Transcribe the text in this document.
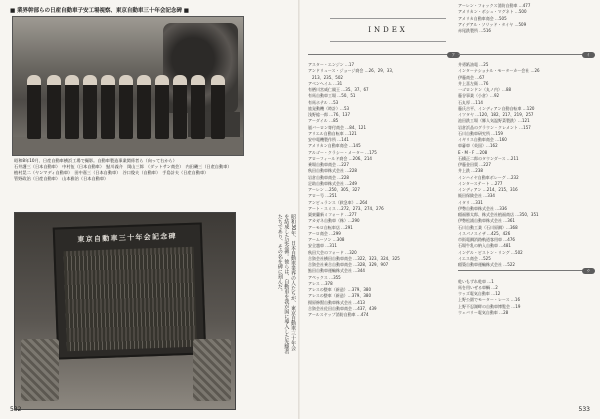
■ 業界幹部らの日産自動車子安工場視察、東京自動車三十年会記念碑 ■
昭和8年10月、日産自動車横浜工場で撮影。自動車製造事業関係者ら（向って右から）
石井護三（日本自動車）　中村伍（日本自動車）　鮎川義介　岡山三郎　（ダットサン商会）　内田磯三（日産自動車）
植村晃二（ヤンマディ自動車）　田中嘉三（日本自動車）　谷口俊夫（自動車）　手島計夫（日産自動車）
管野政治（日産自動車）　山本雅治（日本自動車）
東京自動車三十年会記念碑	昭和30年、日本自動車業界の人たちが、東京自動車三十年会を結成した記念碑。彼らは、自動車を我が国に導入した先駆者たちであり、その名を碑に刻んだ。
532
INDEX
アーレン・フォックス消防自動車 …477
アメリカン・ボシュ・マグネト …500
アメリカ自動車商会 …505
アイデアル・ソリッド・タイヤ …509
赤尾鉄製所 …516
ア
アスター・エンジン …17
アンドリュース・ジョージ商会 …26、29、33、
　213、235、502
アベンヘイム …31
有栖川宮威仁親王 …35、37、67
有馬自動車工場 …50、51
有馬ホテル …53
旅発動機（時計）…53
浅野総一郎 …76、137
アーダイル …85
嵐バーロン寄付商会 …84、121
アリエル自動自転車 …121
安中電機製作所 …141
アメリカン自動車商会 …145
アルゴー・クラシー・メーター …175
アローフィールド商会 …206、214
乗場自動車商会 …227
秋田自動車株式会社 …228
岩倉自動車商会 …228
足助自動車株式会社 …249
アーレン …250、305、327
アロー号 …251
アンビュランス（救急車）…264
アート・スミス …272、273、274、276
栗東蘭新ミフォード …277
アカガネ自動車（株）…290
アーモロ自転車店 …291
アーロ商会 …299
アームーソン …308
安全越車 …311
秋田大会のフォード …320
合資会社横田自動車商会 …322、323、324、325
合資会社乗合自動車商会 …328、329、907
鮎田自動車運輸株式会社 …344
アペックス …355
アレス …378
アレスの整車（新造）…379、380
アレスの整車（新造）…379、380
揚原修賢自動車株式会社 …413
合資会社佐田自動車商会 …437、439
アールスヤップ消防自動車 …474
イ
井勇紙油電 …25
インターナショナル・モーターカー会社 …26
伊藤商会 …67
井上喜左衛 …76
一ゴロンドン（丸ノ内）…88
藤谷事業（小倉）…92
石丸厚 …114
藤氏吉平、インディアン自動自転車 …120
イツタヤ …120、182、217、219、257
池田鉄工場（郷人気温野菜製鉄）…121
岩倉浜品のグラウン・クレメント …157
石川自動車研究所 …159
イギリス自動車商会 …160
車審車（英国）…162
E・M・F …208
石橋正二郎のタウンダース …211
伊藤金田貫 …227
井上鉄 …238
インハイヤ自動車ボレーグ …232
インターステート …277
インディアン …214、215、316
飯田保険会社 …334
イタリ …331
伊勢自動車株式会社 …336
稲福勝太郎、株式会社植福商店 …350、351
伊勢松浦自動車株式会社 …361
石川自動工業（石川原鋼）…368
イスパノスイザ …425、426
市街電鋼消路軌道客用車 …476
石場牛乳の納入自動車 …481
インゲル・ビストン・リング …502
イエス商会 …525
稲築自動車運輸株式会社 …522
ウ
乾いもずれ乾車 …1
馬を用いぜる車輌 …2
ウッズ電気自動車 …12
上野公園でモーター・レース …16
上野不忍湖畔の自動車博覧会 …19
ウェバリー電気自動車 …28
533
